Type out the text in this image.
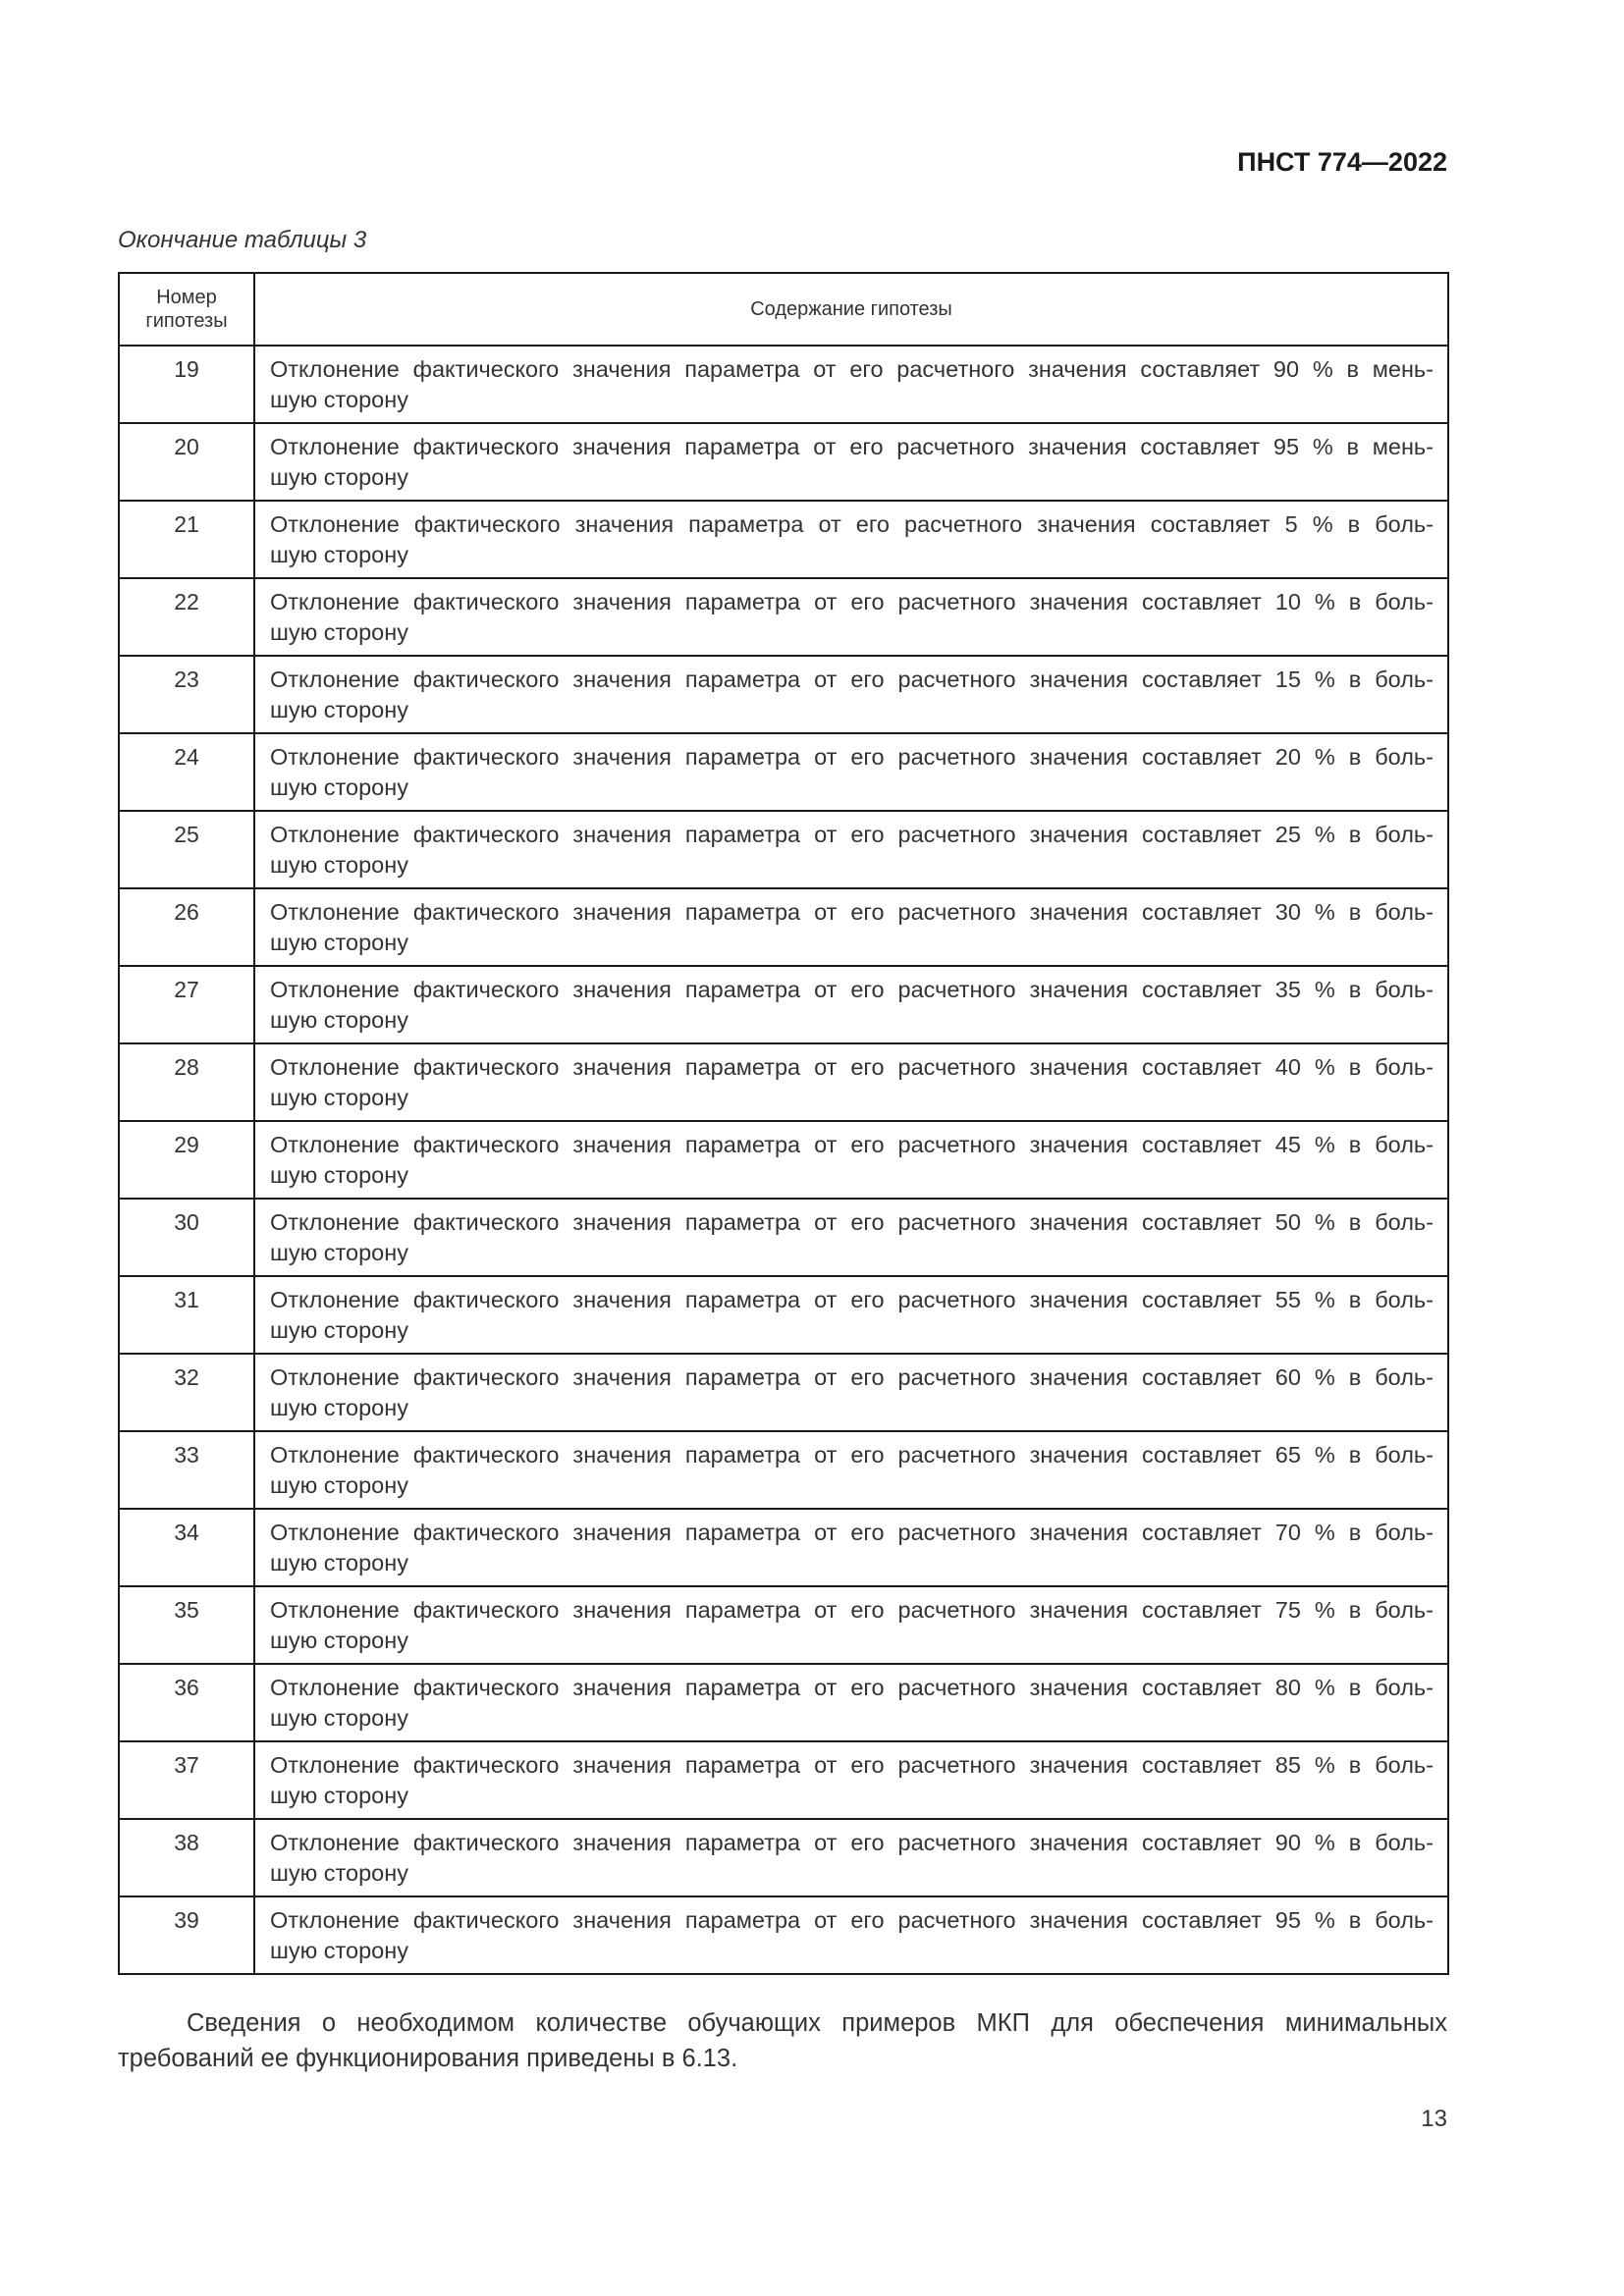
ПНСТ 774—2022

Окончание таблицы 3

Номер гипотезы	Содержание гипотезы
19	Отклонение фактического значения параметра от его расчетного значения составляет 90 % в мень-
шую сторону

20	Отклонение фактического значения параметра от его расчетного значения составляет 95 % в мень-
шую сторону

21	Отклонение фактического значения параметра от его расчетного значения составляет 5 % в боль-
шую сторону

22	Отклонение фактического значения параметра от его расчетного значения составляет 10 % в боль-
шую сторону

23	Отклонение фактического значения параметра от его расчетного значения составляет 15 % в боль-
шую сторону

24	Отклонение фактического значения параметра от его расчетного значения составляет 20 % в боль-
шую сторону

25	Отклонение фактического значения параметра от его расчетного значения составляет 25 % в боль-
шую сторону

26	Отклонение фактического значения параметра от его расчетного значения составляет 30 % в боль-
шую сторону

27	Отклонение фактического значения параметра от его расчетного значения составляет 35 % в боль-
шую сторону

28	Отклонение фактического значения параметра от его расчетного значения составляет 40 % в боль-
шую сторону

29	Отклонение фактического значения параметра от его расчетного значения составляет 45 % в боль-
шую сторону

30	Отклонение фактического значения параметра от его расчетного значения составляет 50 % в боль-
шую сторону

31	Отклонение фактического значения параметра от его расчетного значения составляет 55 % в боль-
шую сторону

32	Отклонение фактического значения параметра от его расчетного значения составляет 60 % в боль-
шую сторону

33	Отклонение фактического значения параметра от его расчетного значения составляет 65 % в боль-
шую сторону

34	Отклонение фактического значения параметра от его расчетного значения составляет 70 % в боль-
шую сторону

35	Отклонение фактического значения параметра от его расчетного значения составляет 75 % в боль-
шую сторону

36	Отклонение фактического значения параметра от его расчетного значения составляет 80 % в боль-
шую сторону

37	Отклонение фактического значения параметра от его расчетного значения составляет 85 % в боль-
шую сторону

38	Отклонение фактического значения параметра от его расчетного значения составляет 90 % в боль-
шую сторону

39	Отклонение фактического значения параметра от его расчетного значения составляет 95 % в боль-
шую сторону

Сведения о необходимом количестве обучающих примеров МКП для обеспечения минимальных
требований ее функционирования приведены в 6.13.

13
